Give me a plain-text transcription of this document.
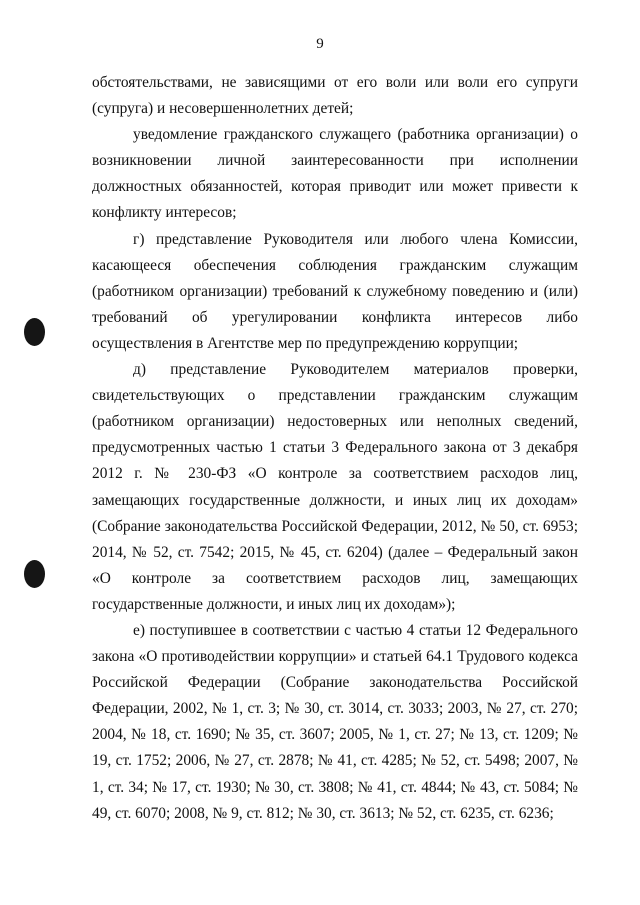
9

обстоятельствами, не зависящими от его воли или воли его супруги (супруга) и несовершеннолетних детей;

уведомление гражданского служащего (работника организации) о возникновении личной заинтересованности при исполнении должностных обязанностей, которая приводит или может привести к конфликту интересов;

г) представление Руководителя или любого члена Комиссии, касающееся обеспечения соблюдения гражданским служащим (работником организации) требований к служебному поведению и (или) требований об урегулировании конфликта интересов либо осуществления в Агентстве мер по предупреждению коррупции;

д) представление Руководителем материалов проверки, свидетельствующих о представлении гражданским служащим (работником организации) недостоверных или неполных сведений, предусмотренных частью 1 статьи 3 Федерального закона от 3 декабря 2012 г. № 230-ФЗ «О контроле за соответствием расходов лиц, замещающих государственные должности, и иных лиц их доходам» (Собрание законодательства Российской Федерации, 2012, № 50, ст. 6953; 2014, № 52, ст. 7542; 2015, № 45, ст. 6204) (далее – Федеральный закон «О контроле за соответствием расходов лиц, замещающих государственные должности, и иных лиц их доходам»);

е) поступившее в соответствии с частью 4 статьи 12 Федерального закона «О противодействии коррупции» и статьей 64.1 Трудового кодекса Российской Федерации (Собрание законодательства Российской Федерации, 2002, № 1, ст. 3; № 30, ст. 3014, ст. 3033; 2003, № 27, ст. 270; 2004, № 18, ст. 1690; № 35, ст. 3607; 2005, № 1, ст. 27; № 13, ст. 1209; № 19, ст. 1752; 2006, № 27, ст. 2878; № 41, ст. 4285; № 52, ст. 5498; 2007, № 1, ст. 34; № 17, ст. 1930; № 30, ст. 3808; № 41, ст. 4844; № 43, ст. 5084; № 49, ст. 6070; 2008, № 9, ст. 812; № 30, ст. 3613; № 52, ст. 6235, ст. 6236;
